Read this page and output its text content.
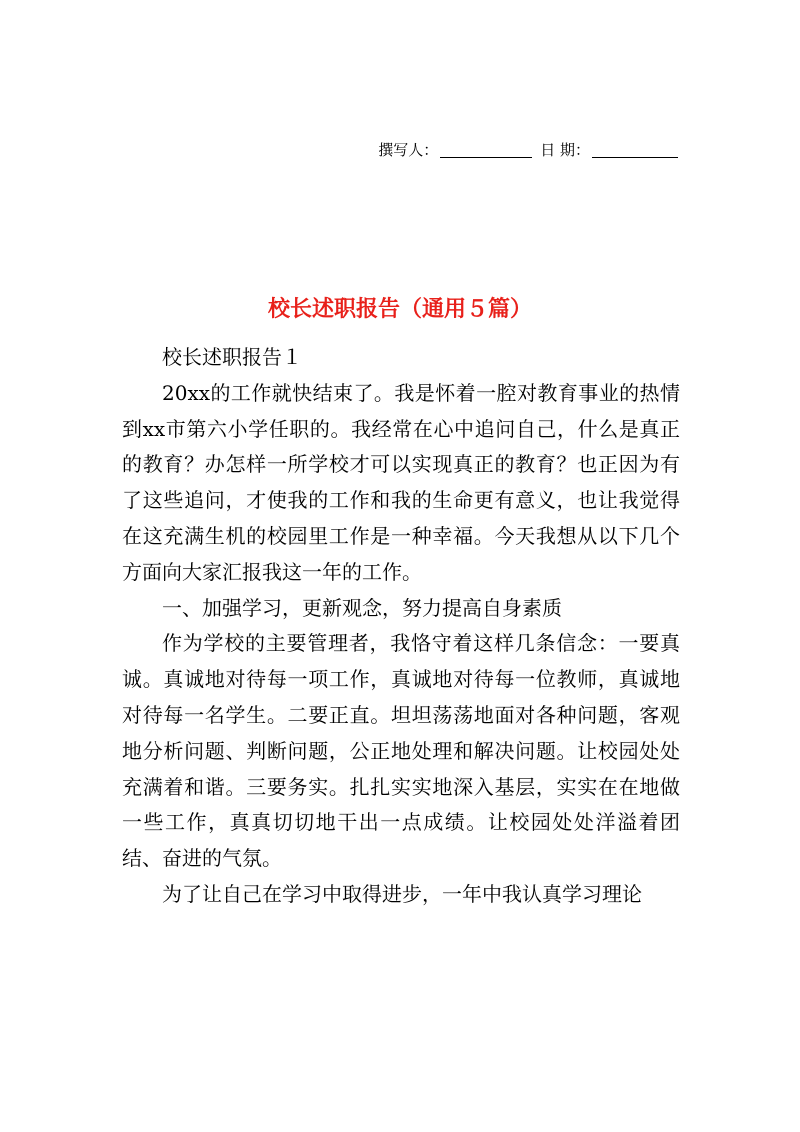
撰写人：	日 期：
校长述职报告（通用５篇）

校长述职报告１

20xx的工作就快结束了。我是怀着一腔对教育事业的热情到xx市第六小学任职的。我经常在心中追问自己，什么是真正的教育？办怎样一所学校才可以实现真正的教育？也正因为有了这些追问，才使我的工作和我的生命更有意义，也让我觉得在这充满生机的校园里工作是一种幸福。今天我想从以下几个方面向大家汇报我这一年的工作。

一、加强学习，更新观念，努力提高自身素质

作为学校的主要管理者，我恪守着这样几条信念：一要真诚。真诚地对待每一项工作，真诚地对待每一位教师，真诚地对待每一名学生。二要正直。坦坦荡荡地面对各种问题，客观地分析问题、判断问题，公正地处理和解决问题。让校园处处充满着和谐。三要务实。扎扎实实地深入基层，实实在在地做一些工作，真真切切地干出一点成绩。让校园处处洋溢着团结、奋进的气氛。

为了让自己在学习中取得进步，一年中我认真学习理论
